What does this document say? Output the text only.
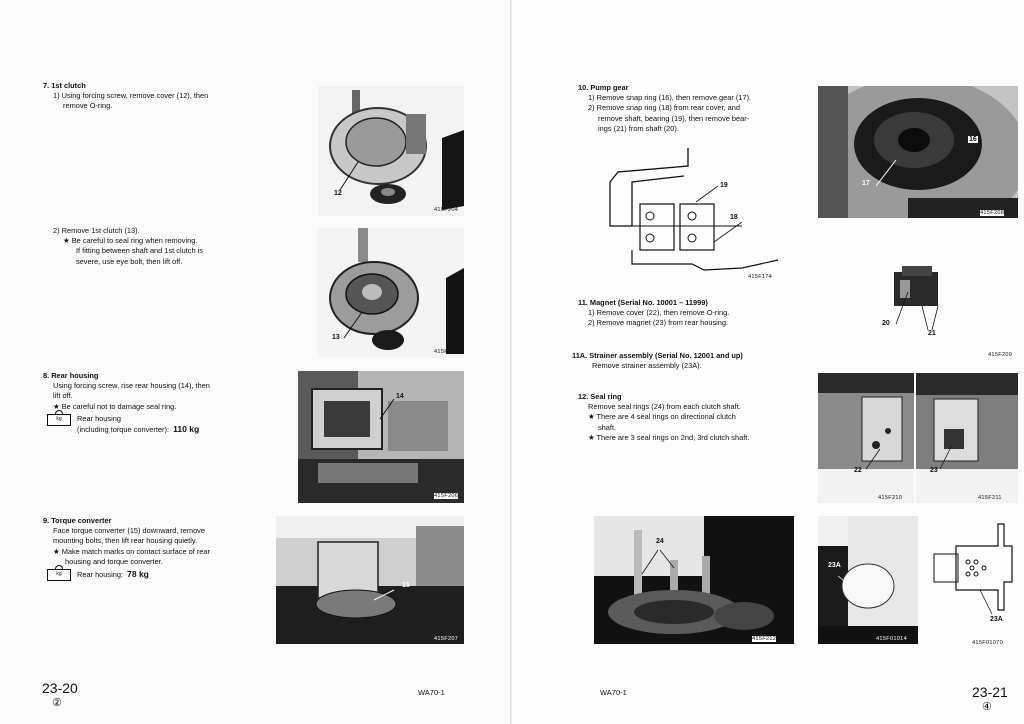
7. 1st clutch
1) Using forcing screw, remove cover (12), then
remove O-ring.
2) Remove 1st clutch (13).
★ Be careful to seal ring when removing.
If fitting between shaft and 1st clutch is
severe, use eye bolt, then lift off.
8. Rear housing
Using forcing screw, rise rear housing (14), then
lift off.
★ Be careful not to damage seal ring.
kg	Rear housing
(including torque converter): 110 kg
9. Torque converter
Face torque converter (15) downward, remove
mounting bolts, then lift rear housing quietly.
★ Make match marks on contact surface of rear
housing and torque converter.
kg	Rear housing: 78 kg
12
415F204
13
415F205
14
415F206
15
415F207
23-20
②
WA70-1
10. Pump gear
1) Remove snap ring (16), then remove gear (17).
2) Remove snap ring (18) from rear cover, and
remove shaft, bearing (19), then remove bear-
ings (21) from shaft (20).
19
18
415F174
16
17
415F208
11. Magnet (Serial No. 10001 – 11999)
1) Remove cover (22), then remove O-ring.
2) Remove magnet (23) from rear housing.	20
21
415F209
11A. Strainer assembly (Serial No. 12001 and up)
Remove strainer assembly (23A).
12. Seal ring
Remove seal rings (24) from each clutch shaft.
★ There are 4 seal rings on directional clutch
shaft.
★ There are 3 seal rings on 2nd, 3rd clutch shaft.
22
415F210
23
415F211
24
415F212
23A
415F01014
23A
415F01070
WA70-1	23-21
④
